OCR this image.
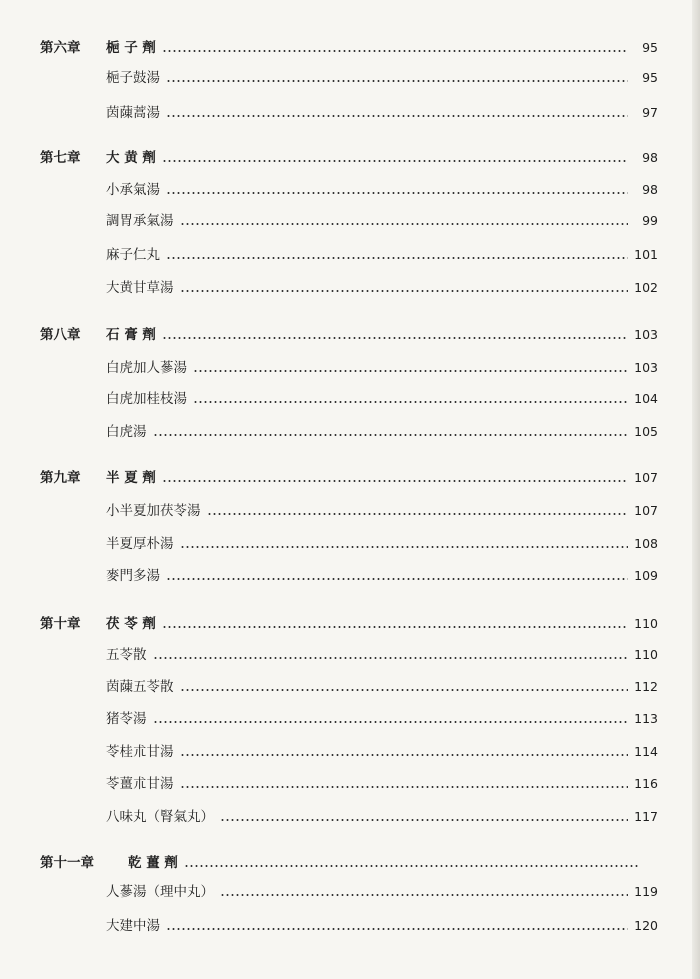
第六章 梔 子 劑	95
梔子鼓湯	95
茵蔯蒿湯	97
第七章 大 黄 劑	98
小承氣湯	98
調胃承氣湯	99
麻子仁丸	101
大黄甘草湯	102
第八章 石 膏 劑	103
白虎加人蔘湯	103
白虎加桂枝湯	104
白虎湯	105
第九章 半 夏 劑	107
小半夏加茯苓湯	107
半夏厚朴湯	108
麥門多湯	109
第十章 茯 苓 劑	110
五苓散	110
茵蔯五苓散	112
猪苓湯	113
苓桂朮甘湯	114
苓薑朮甘湯	116
八味丸（腎氣丸）	117
第十一章	乾 薑 劑
人蔘湯（理中丸）	119
大建中湯	120
